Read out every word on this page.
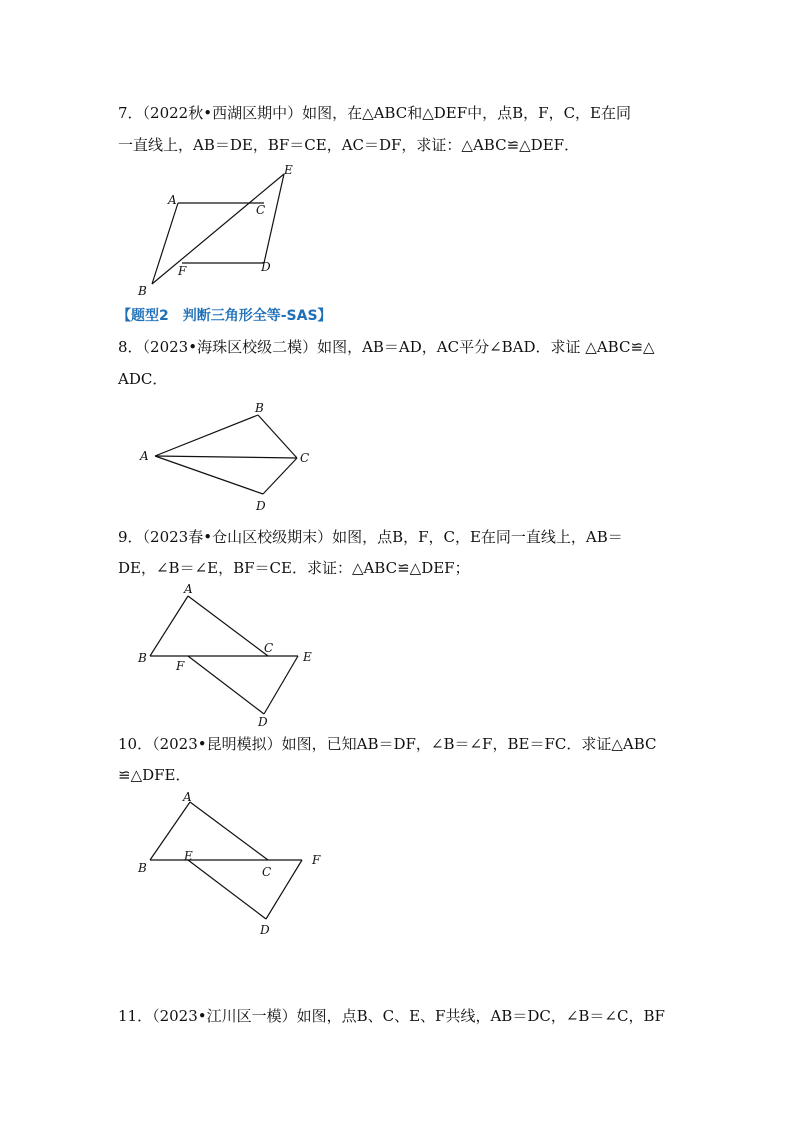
7．（2022秋•西湖区期中）如图，在△ABC和△DEF中，点B，F，C，E在同
一直线上，AB＝DE，BF＝CE，AC＝DF，求证：△ABC≌△DEF．
A
B
C
D
E
F
【题型2　判断三角形全等-SAS】
8．（2023•海珠区校级二模）如图，AB＝AD，AC平分∠BAD．求证 △ABC≌△
ADC．
A
B
C
D
9．（2023春•仓山区校级期末）如图，点B，F，C，E在同一直线上，AB＝
DE，∠B＝∠E，BF＝CE．求证：△ABC≌△DEF；
A
B
C
D
E
F
10．（2023•昆明模拟）如图，已知AB＝DF，∠B＝∠F，BE＝FC．求证△ABC
≌△DFE．
A
B	C
D
E	F
11．（2023•江川区一模）如图，点B、C、E、F共线，AB＝DC，∠B＝∠C，BF
